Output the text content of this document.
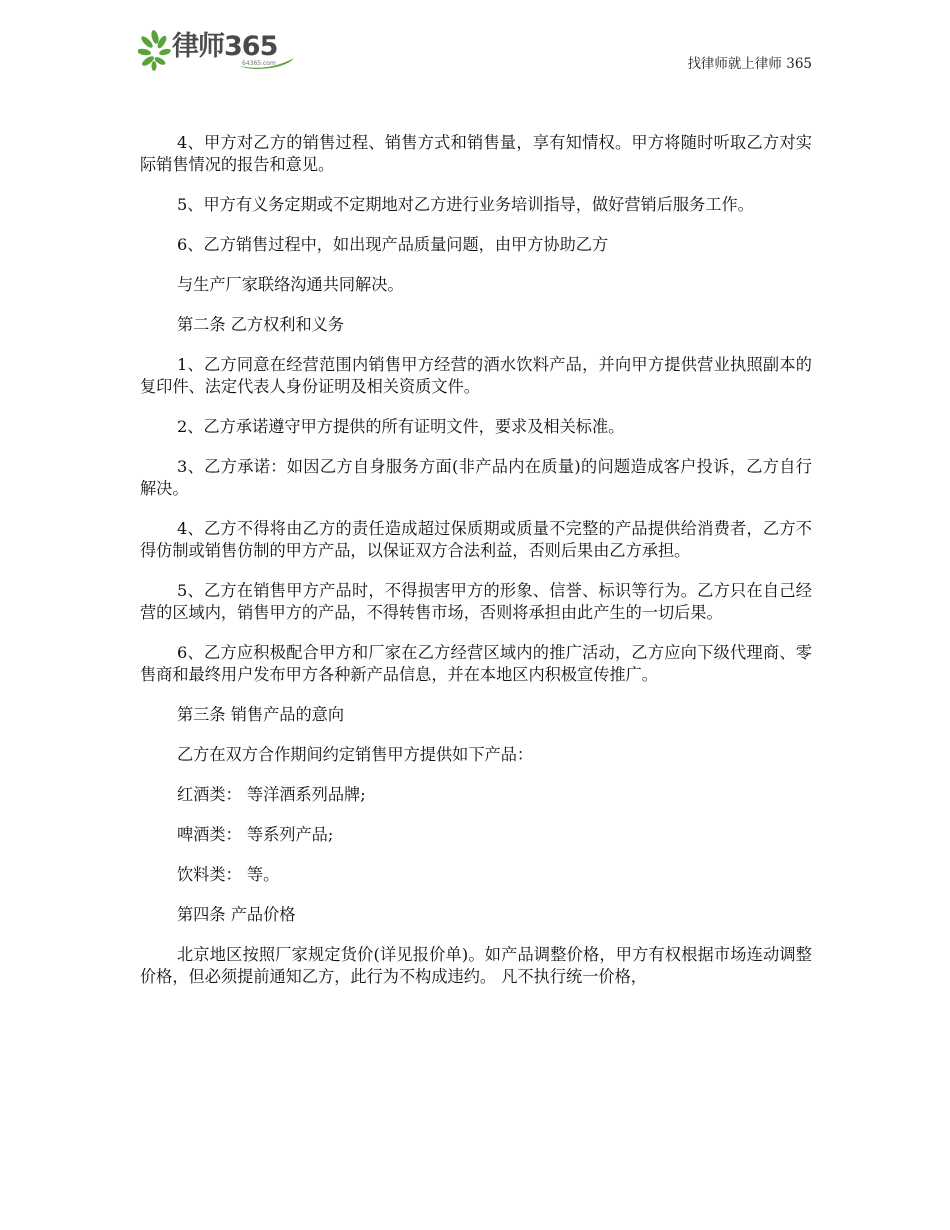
律师365
64365.com	找律师就上律师 365

4、甲方对乙方的销售过程、销售方式和销售量，享有知情权。甲方将随时听取乙方对实际销售情况的报告和意见。

5、甲方有义务定期或不定期地对乙方进行业务培训指导，做好营销后服务工作。

6、乙方销售过程中，如出现产品质量问题，由甲方协助乙方

与生产厂家联络沟通共同解决。

第二条 乙方权利和义务

1、乙方同意在经营范围内销售甲方经营的酒水饮料产品，并向甲方提供营业执照副本的复印件、法定代表人身份证明及相关资质文件。

2、乙方承诺遵守甲方提供的所有证明文件，要求及相关标准。

3、乙方承诺：如因乙方自身服务方面(非产品内在质量)的问题造成客户投诉，乙方自行解决。

4、乙方不得将由乙方的责任造成超过保质期或质量不完整的产品提供给消费者，乙方不得仿制或销售仿制的甲方产品，以保证双方合法利益，否则后果由乙方承担。

5、乙方在销售甲方产品时，不得损害甲方的形象、信誉、标识等行为。乙方只在自己经营的区域内，销售甲方的产品，不得转售市场，否则将承担由此产生的一切后果。

6、乙方应积极配合甲方和厂家在乙方经营区域内的推广活动，乙方应向下级代理商、零售商和最终用户发布甲方各种新产品信息，并在本地区内积极宣传推广。

第三条 销售产品的意向

乙方在双方合作期间约定销售甲方提供如下产品：

红酒类： 等洋酒系列品牌;

啤酒类： 等系列产品;

饮料类： 等。

第四条 产品价格

北京地区按照厂家规定货价(详见报价单)。如产品调整价格，甲方有权根据市场连动调整价格，但必须提前通知乙方，此行为不构成违约。 凡不执行统一价格，
